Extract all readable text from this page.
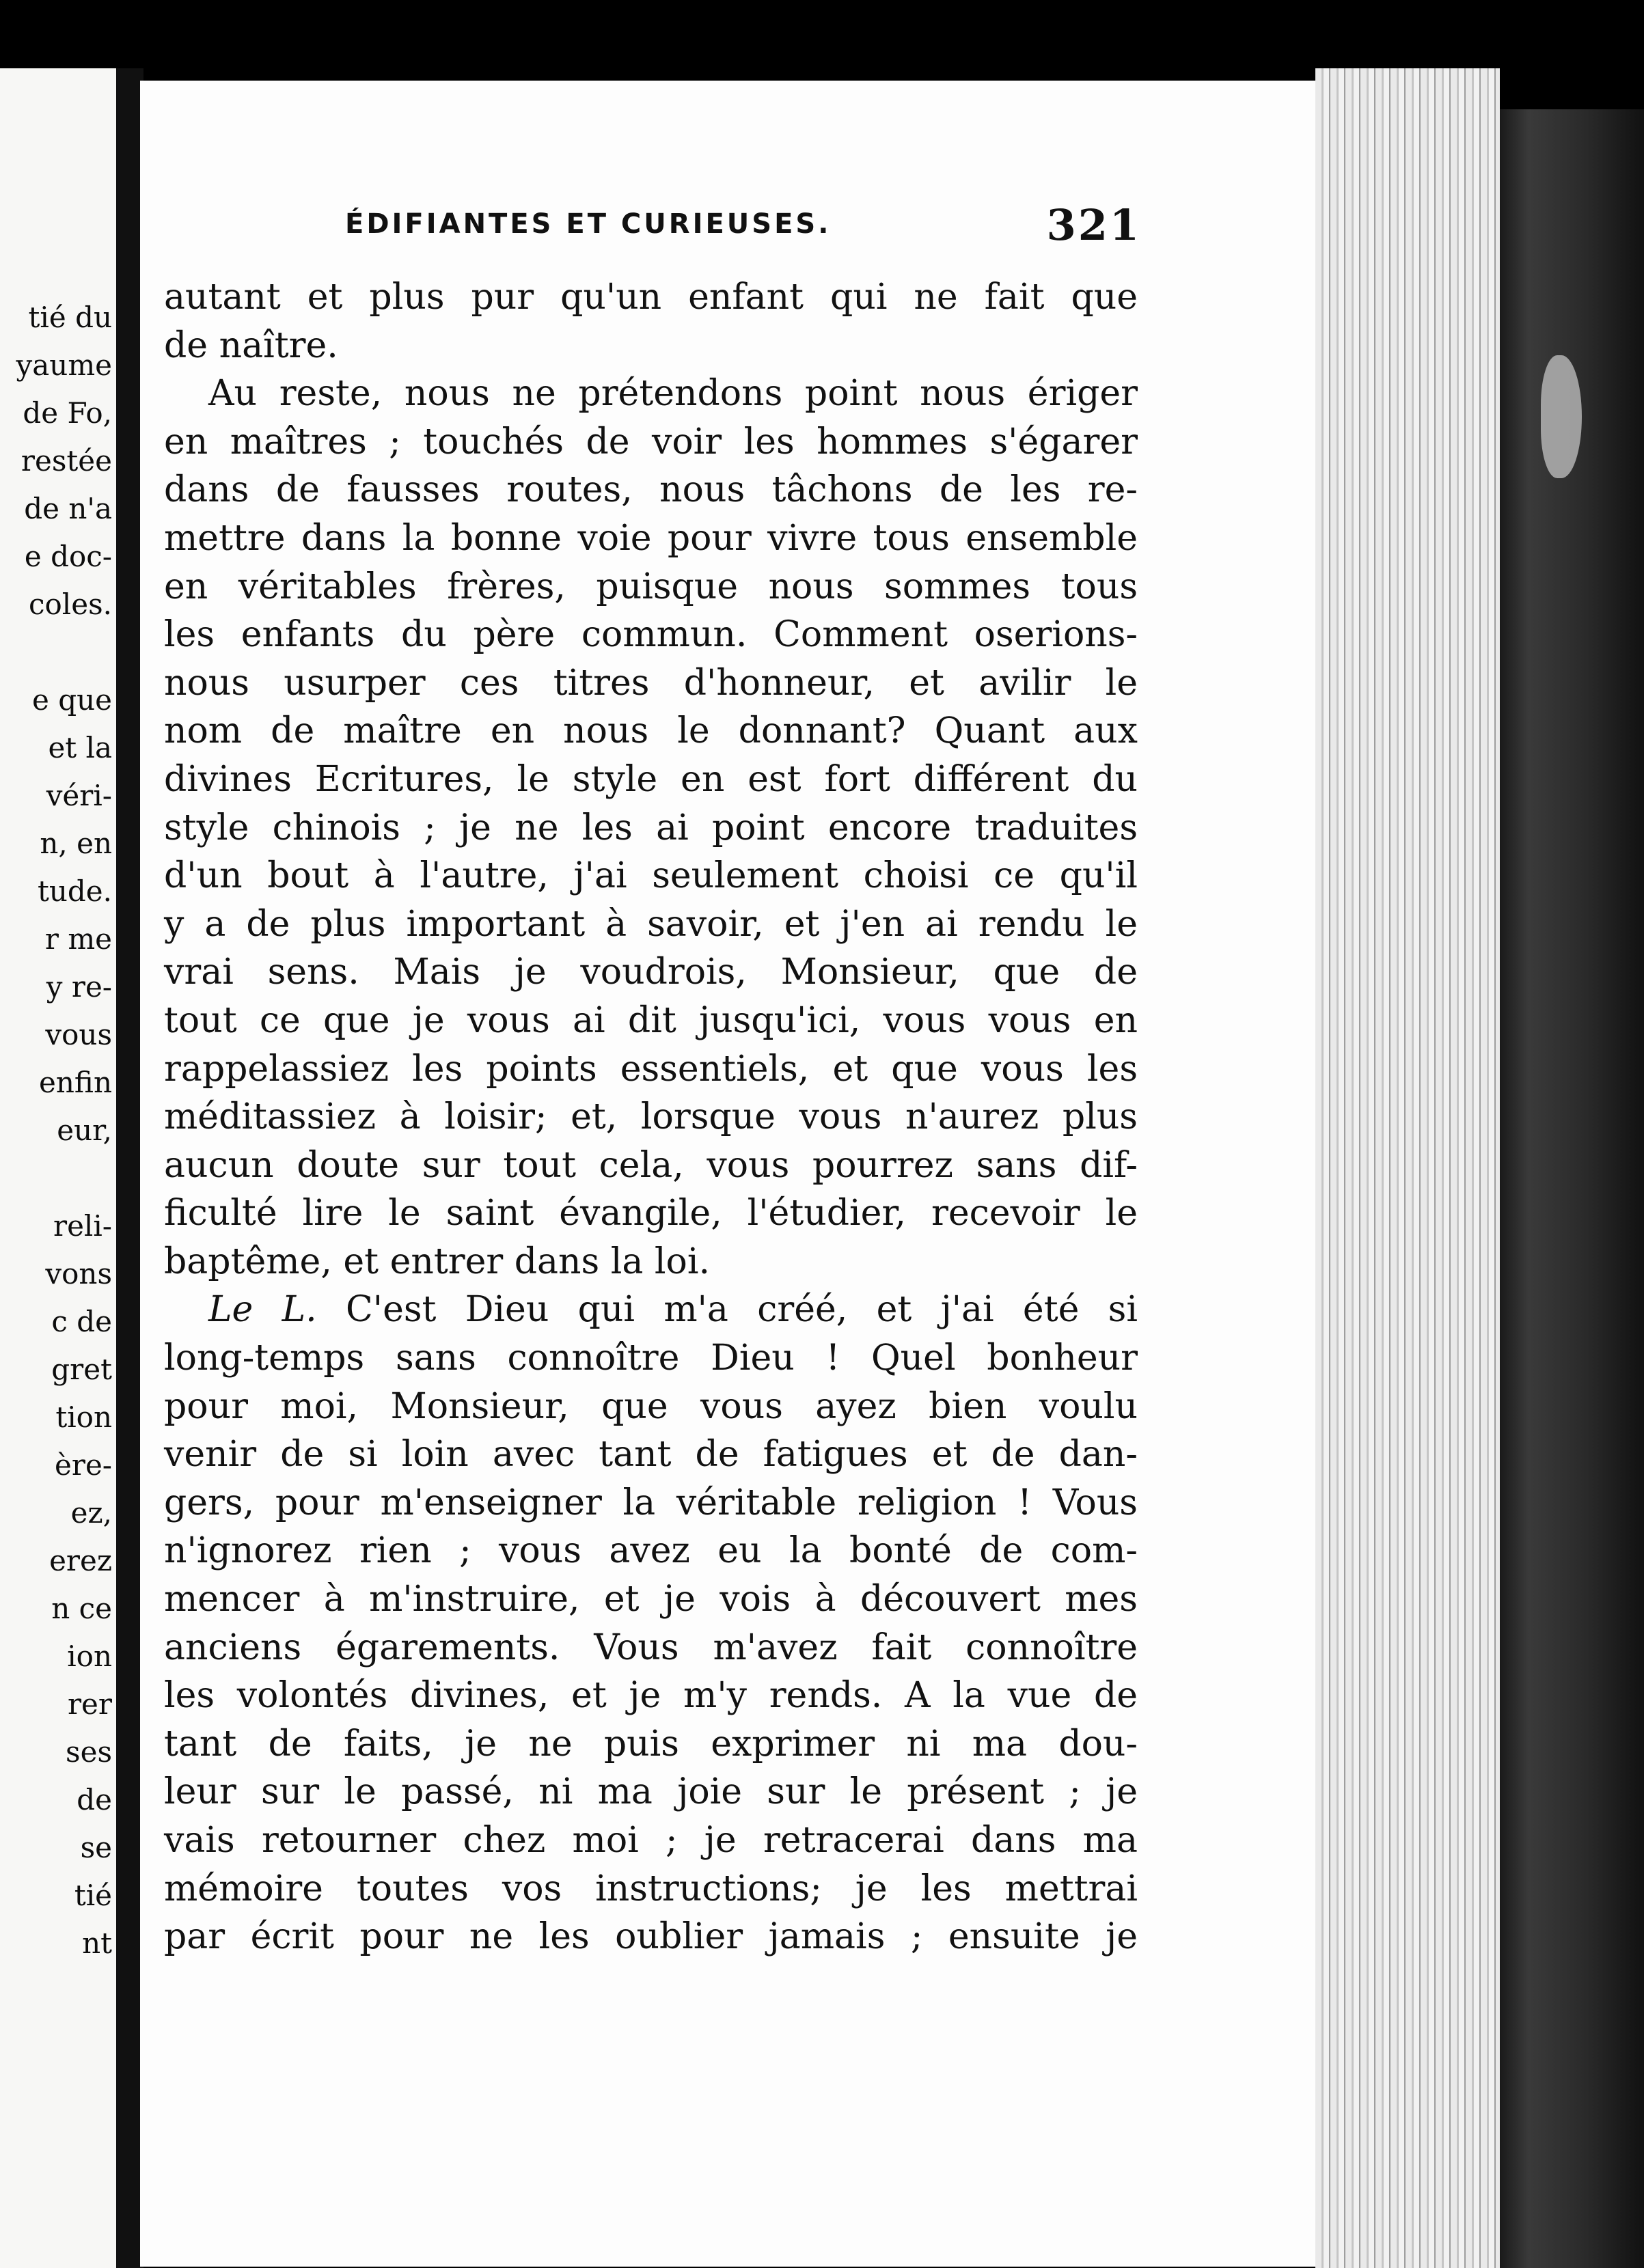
tié du
yaume
de Fo,
restée
de n'a
e doc-
coles.

e que
et la
véri-
n, en
tude.
r me
y re-
vous
enfin
eur,

reli-
vons
c de
gret
tion
ère-
ez,
erez
n ce
ion
rer
ses
de
se
tié
nt
ÉDIFIANTES ET CURIEUSES.	321
autant et plus pur qu'un enfant qui ne fait que
de naître.
Au reste, nous ne prétendons point nous ériger
en maîtres ; touchés de voir les hommes s'égarer
dans de fausses routes, nous tâchons de les re-
mettre dans la bonne voie pour vivre tous ensemble
en véritables frères, puisque nous sommes tous
les enfants du père commun. Comment oserions-
nous usurper ces titres d'honneur, et avilir le
nom de maître en nous le donnant? Quant aux
divines Ecritures, le style en est fort différent du
style chinois ; je ne les ai point encore traduites
d'un bout à l'autre, j'ai seulement choisi ce qu'il
y a de plus important à savoir, et j'en ai rendu le
vrai sens. Mais je voudrois, Monsieur, que de
tout ce que je vous ai dit jusqu'ici, vous vous en
rappelassiez les points essentiels, et que vous les
méditassiez à loisir; et, lorsque vous n'aurez plus
aucun doute sur tout cela, vous pourrez sans dif-
ficulté lire le saint évangile, l'étudier, recevoir le
baptême, et entrer dans la loi.
Le L. C'est Dieu qui m'a créé, et j'ai été si
long-temps sans connoître Dieu ! Quel bonheur
pour moi, Monsieur, que vous ayez bien voulu
venir de si loin avec tant de fatigues et de dan-
gers, pour m'enseigner la véritable religion ! Vous
n'ignorez rien ; vous avez eu la bonté de com-
mencer à m'instruire, et je vois à découvert mes
anciens égarements. Vous m'avez fait connoître
les volontés divines, et je m'y rends. A la vue de
tant de faits, je ne puis exprimer ni ma dou-
leur sur le passé, ni ma joie sur le présent ; je
vais retourner chez moi ; je retracerai dans ma
mémoire toutes vos instructions; je les mettrai
par écrit pour ne les oublier jamais ; ensuite je
